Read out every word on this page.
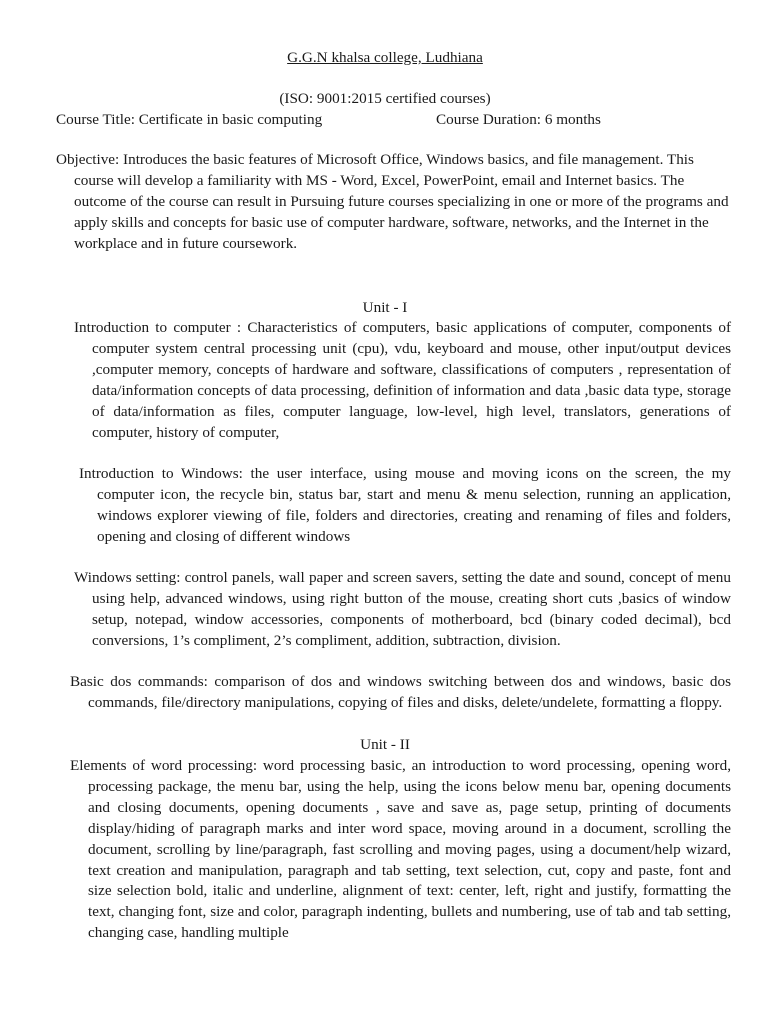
G.G.N khalsa college, Ludhiana

(ISO: 9001:2015 certified courses)

Course Title: Certificate in basic computing	Course Duration: 6 months

Objective: Introduces the basic features of Microsoft Office, Windows basics, and file management. This course will develop a familiarity with MS - Word, Excel, PowerPoint, email and Internet basics. The outcome of the course can result in Pursuing future courses specializing in one or more of the programs and apply skills and concepts for basic use of computer hardware, software, networks, and the Internet in the workplace and in future coursework.

Unit - I

Introduction to computer : Characteristics of computers, basic applications of computer, components of computer system central processing unit (cpu), vdu, keyboard and mouse, other input/output devices ,computer memory, concepts of hardware and software, classifications of computers , representation of data/information concepts of data processing, definition of information and data ,basic data type, storage of data/information as files, computer language, low-level, high level, translators, generations of computer, history of computer,

Introduction to Windows: the user interface, using mouse and moving icons on the screen, the my computer icon, the recycle bin, status bar, start and menu & menu selection, running an application, windows explorer viewing of file, folders and directories, creating and renaming of files and folders, opening and closing of different windows

Windows setting: control panels, wall paper and screen savers, setting the date and sound, concept of menu using help, advanced windows, using right button of the mouse, creating short cuts ,basics of window setup, notepad, window accessories, components of motherboard, bcd (binary coded decimal), bcd conversions, 1’s compliment, 2’s compliment, addition, subtraction, division.

Basic dos commands: comparison of dos and windows switching between dos and windows, basic dos commands, file/directory manipulations, copying of files and disks, delete/undelete, formatting a floppy.

Unit - II

Elements of word processing: word processing basic, an introduction to word processing, opening word, processing package, the menu bar, using the help, using the icons below menu bar, opening documents and closing documents, opening documents , save and save as, page setup, printing of documents display/hiding of paragraph marks and inter word space, moving around in a document, scrolling the document, scrolling by line/paragraph, fast scrolling and moving pages, using a document/help wizard, text creation and manipulation, paragraph and tab setting, text selection, cut, copy and paste, font and size selection bold, italic and underline, alignment of text: center, left, right and justify, formatting the text, changing font, size and color, paragraph indenting, bullets and numbering, use of tab and tab setting, changing case, handling multiple
